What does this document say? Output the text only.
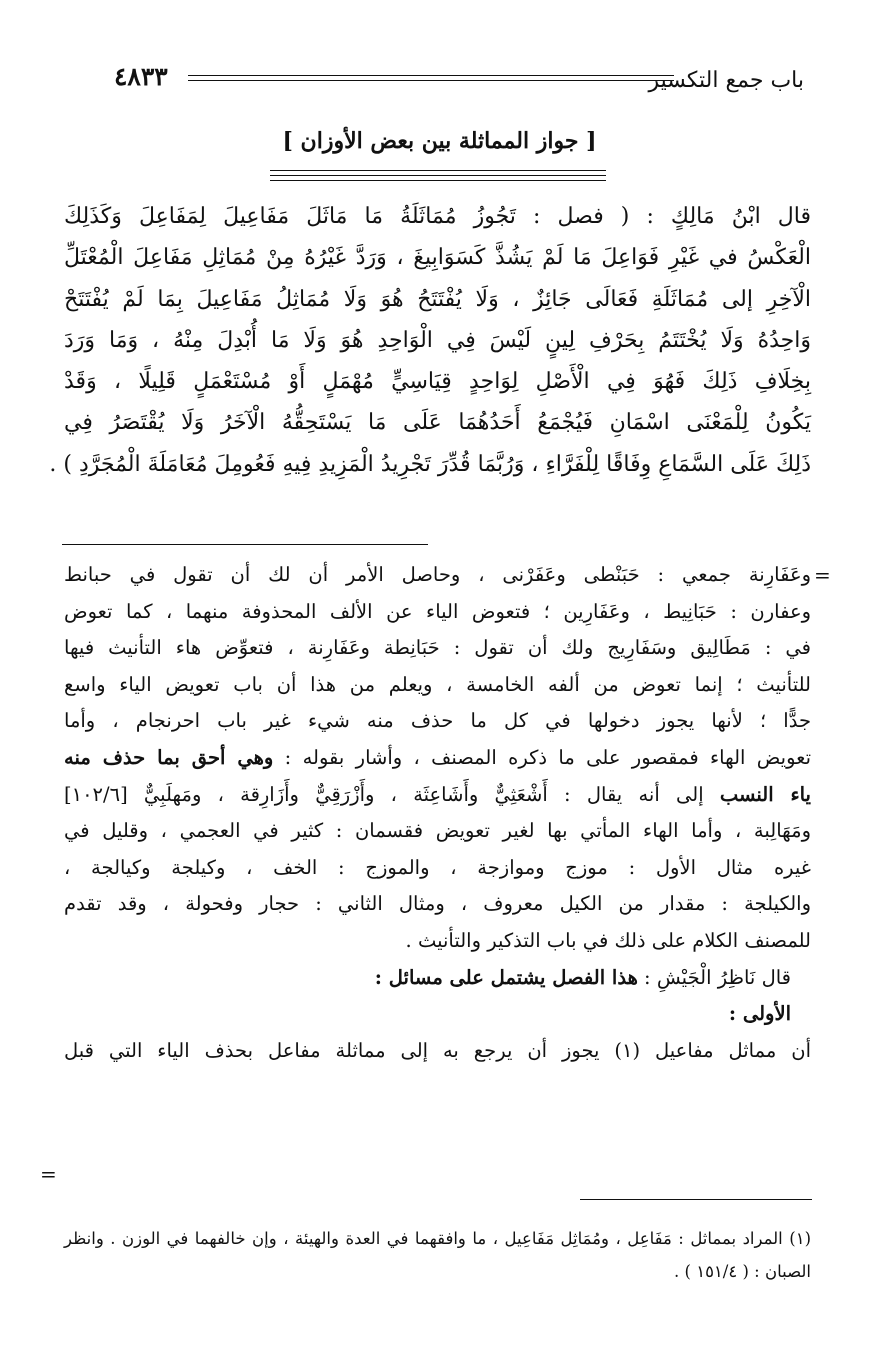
باب جمع التكسير
٤٨٣٣
[ جواز المماثلة بين بعض الأوزان ]
قال ابْنُ مَالِكٍ : ( فصل : تَجُوزُ مُمَاثَلَةُ مَا مَاثَلَ مَفَاعِيلَ لِمَفَاعِلَ وَكَذَلِكَ
الْعَكْسُ في غَيْرِ فَوَاعِلَ مَا لَمْ يَشُذَّ كَسَوَابِيغَ ، وَرَدَّ غَيْرُهُ مِنْ مُمَاثِلِ مَفَاعِلَ الْمُعْتَلِّ
الْآخِرِ إلى مُمَاثَلَةِ فَعَالَى جَائِزٌ ، وَلَا يُفْتَتَحُ هُوَ وَلَا مُمَاثِلُ مَفَاعِيلَ بِمَا لَمْ يُفْتَتَحْ
وَاحِدُهُ وَلَا يُخْتَتَمُ بِحَرْفِ لِينٍ لَيْسَ فِي الْوَاحِدِ هُوَ وَلَا مَا أُبْدِلَ مِنْهُ ، وَمَا وَرَدَ
بِخِلَافِ ذَلِكَ فَهُوَ فِي الْأَصْلِ لِوَاحِدٍ قِيَاسِيٍّ مُهْمَلٍ أَوْ مُسْتَعْمَلٍ قَلِيلًا ، وَقَدْ
يَكُونُ لِلْمَعْنَى اسْمَانِ فَيُجْمَعُ أَحَدُهُمَا عَلَى مَا يَسْتَحِقُّهُ الْآخَرُ وَلَا يُقْتَصَرُ فِي
ذَلِكَ عَلَى السَّمَاعِ وِفَاقًا لِلْفَرَّاءِ ، وَرُبَّمَا قُدِّرَ تَجْرِيدُ الْمَزِيدِ فِيهِ فَعُومِلَ مُعَامَلَةَ الْمُجَرَّدِ ) .
=
وعَفَارِنة جمعي : حَبَنْطى وعَفَرْنى ، وحاصل الأمر أن لك أن تقول في حبانط
وعفارن : حَبَانِيط ، وعَفَارِين ؛ فتعوض الياء عن الألف المحذوفة منهما ، كما تعوض
في : مَطَالِيق وسَفَارِيج ولك أن تقول : حَبَانِطة وعَفَارِنة ، فتعوِّض هاء التأنيث فيها
للتأنيث ؛ إنما تعوض من ألفه الخامسة ، ويعلم من هذا أن باب تعويض الياء واسع
جدًّا ؛ لأنها يجوز دخولها في كل ما حذف منه شيء غير باب احرنجام ، وأما
تعويض الهاء فمقصور على ما ذكره المصنف ، وأشار بقوله : وهي أحق بما حذف منه
ياء النسب إلى أنه يقال : أَشْعَثِيٌّ وأَشَاعِثَة ، وأَزْرَقِيٌّ وأَزَارِقة ، ومَهلَبِيٌّ [١٠٢/٦]
ومَهَالِبة ، وأما الهاء المأتي بها لغير تعويض فقسمان : كثير في العجمي ، وقليل في
غيره مثال الأول : موزج وموازجة ، والموزج : الخف ، وكيلجة وكيالجة ،
والكيلجة : مقدار من الكيل معروف ، ومثال الثاني : حجار وفحولة ، وقد تقدم
للمصنف الكلام على ذلك في باب التذكير والتأنيث .
قال نَاظِرُ الْجَيْشِ : هذا الفصل يشتمل على مسائل :
الأولى :
أن مماثل مفاعيل (١) يجوز أن يرجع به إلى مماثلة مفاعل بحذف الياء التي قبل
=
(١) المراد بمماثل : مَفَاعِل ، ومُمَاثِل مَفَاعِيل ، ما وافقهما في العدة والهيئة ، وإن خالفهما في الوزن . وانظر
الصبان : ( ١٥١/٤ ) .
